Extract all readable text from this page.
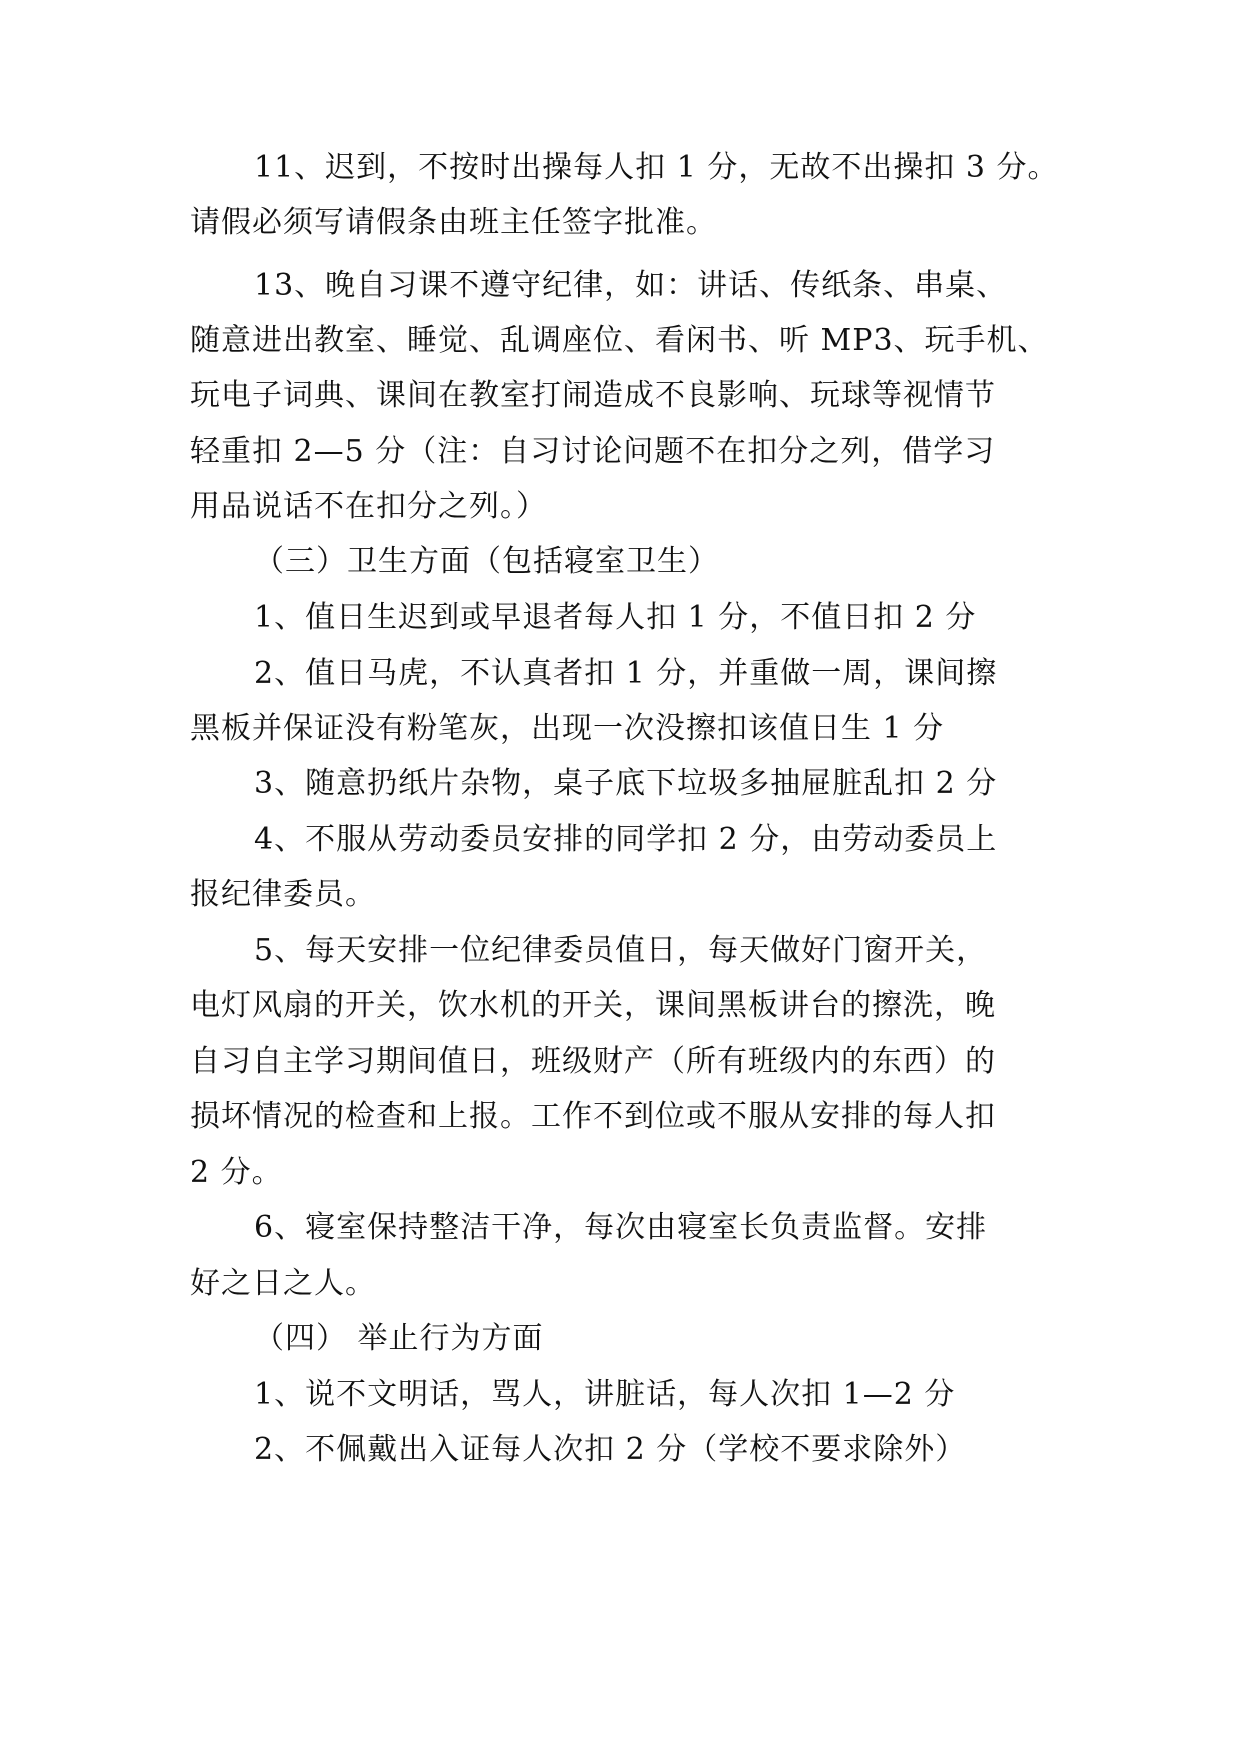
11、迟到，不按时出操每人扣 1 分，无故不出操扣 3 分。
请假必须写请假条由班主任签字批准。
13、晚自习课不遵守纪律，如：讲话、传纸条、串桌、
随意进出教室、睡觉、乱调座位、看闲书、听 MP3、玩手机、
玩电子词典、课间在教室打闹造成不良影响、玩球等视情节
轻重扣 2—5 分（注：自习讨论问题不在扣分之列，借学习
用品说话不在扣分之列。）
（三）卫生方面（包括寝室卫生）
1、值日生迟到或早退者每人扣 1 分，不值日扣 2 分
2、值日马虎，不认真者扣 1 分，并重做一周，课间擦
黑板并保证没有粉笔灰，出现一次没擦扣该值日生 1 分
3、随意扔纸片杂物，桌子底下垃圾多抽屉脏乱扣 2 分
4、不服从劳动委员安排的同学扣 2 分，由劳动委员上
报纪律委员。
5、每天安排一位纪律委员值日，每天做好门窗开关，
电灯风扇的开关，饮水机的开关，课间黑板讲台的擦洗，晚
自习自主学习期间值日，班级财产（所有班级内的东西）的
损坏情况的检查和上报。工作不到位或不服从安排的每人扣
2 分。
6、寝室保持整洁干净，每次由寝室长负责监督。安排
好之日之人。
（四） 举止行为方面
1、说不文明话，骂人，讲脏话，每人次扣 1—2 分
2、不佩戴出入证每人次扣 2 分（学校不要求除外）
